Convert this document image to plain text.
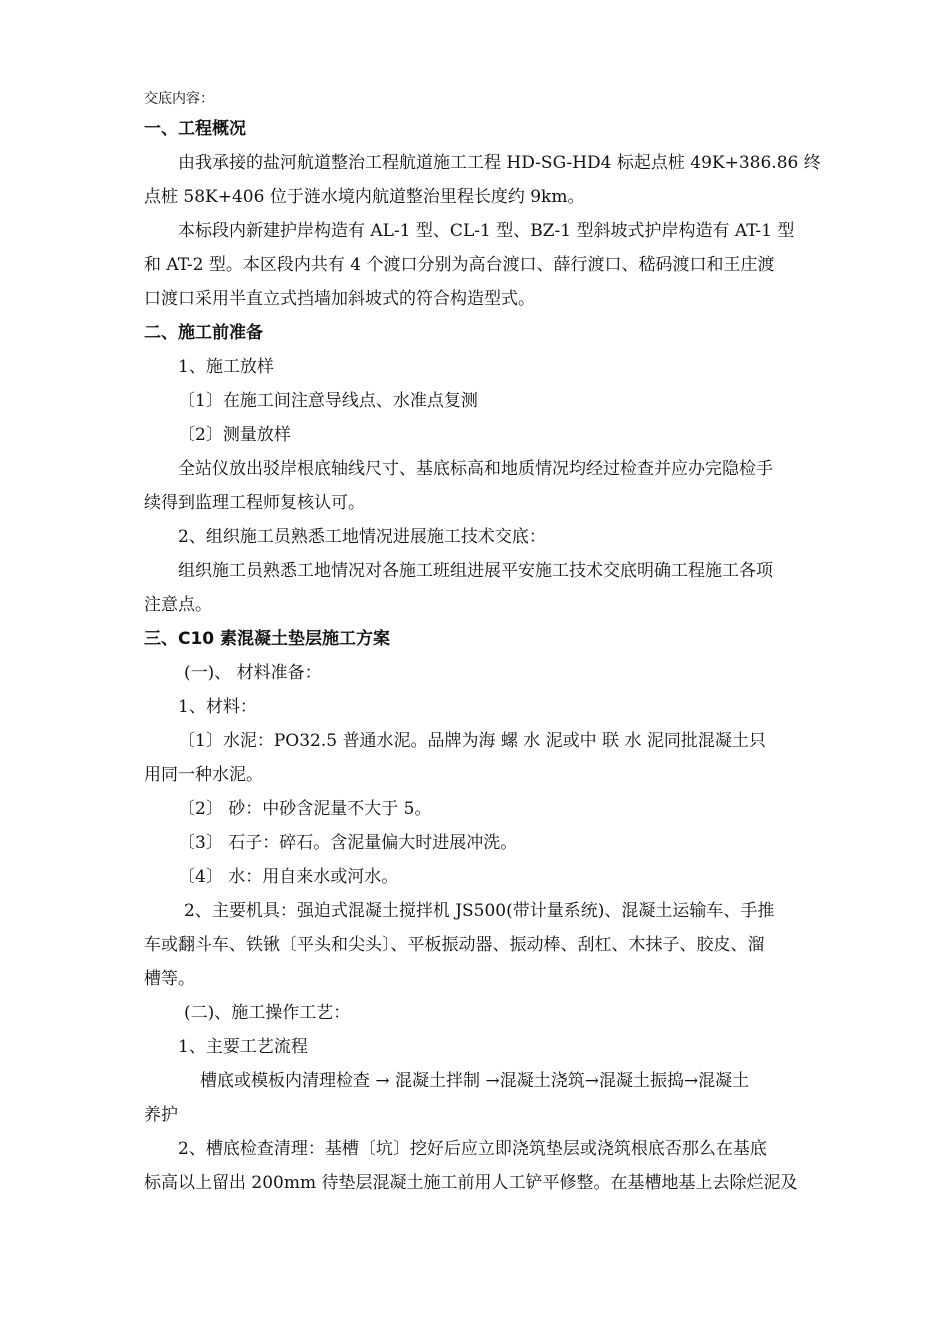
交底内容：
一、工程概况
由我承接的盐河航道整治工程航道施工工程 HD-SG-HD4 标起点桩 49K+386.86 终
点桩 58K+406 位于涟水境内航道整治里程长度约 9km。
本标段内新建护岸构造有 AL-1 型、CL-1 型、BZ-1 型斜坡式护岸构造有 AT-1 型
和 AT-2 型。本区段内共有 4 个渡口分别为高台渡口、薛行渡口、嵇码渡口和王庄渡
口渡口采用半直立式挡墙加斜坡式的符合构造型式。
二、施工前准备
1、施工放样
〔1〕在施工间注意导线点、水准点复测
〔2〕测量放样
全站仪放出驳岸根底轴线尺寸、基底标高和地质情况均经过检查并应办完隐检手
续得到监理工程师复核认可。
2、组织施工员熟悉工地情况进展施工技术交底：
组织施工员熟悉工地情况对各施工班组进展平安施工技术交底明确工程施工各项
注意点。
三、C10 素混凝土垫层施工方案
(一)、 材料准备：
1、材料：
〔1〕水泥：PO32.5 普通水泥。品牌为海 螺 水 泥或中 联 水 泥同批混凝土只
用同一种水泥。
〔2〕 砂：中砂含泥量不大于 5。
〔3〕 石子：碎石。含泥量偏大时进展冲洗。
〔4〕 水：用自来水或河水。
2、主要机具：强迫式混凝土搅拌机 JS500(带计量系统)、混凝土运输车、手推
车或翻斗车、铁锹〔平头和尖头〕、平板振动器、振动棒、刮杠、木抹子、胶皮、溜
槽等。
(二)、施工操作工艺：
1、主要工艺流程
槽底或模板内清理检查 → 混凝土拌制 →混凝土浇筑→混凝土振捣→混凝土
养护
2、槽底检查清理：基槽〔坑〕挖好后应立即浇筑垫层或浇筑根底否那么在基底
标高以上留出 200mm 待垫层混凝土施工前用人工铲平修整。在基槽地基上去除烂泥及
